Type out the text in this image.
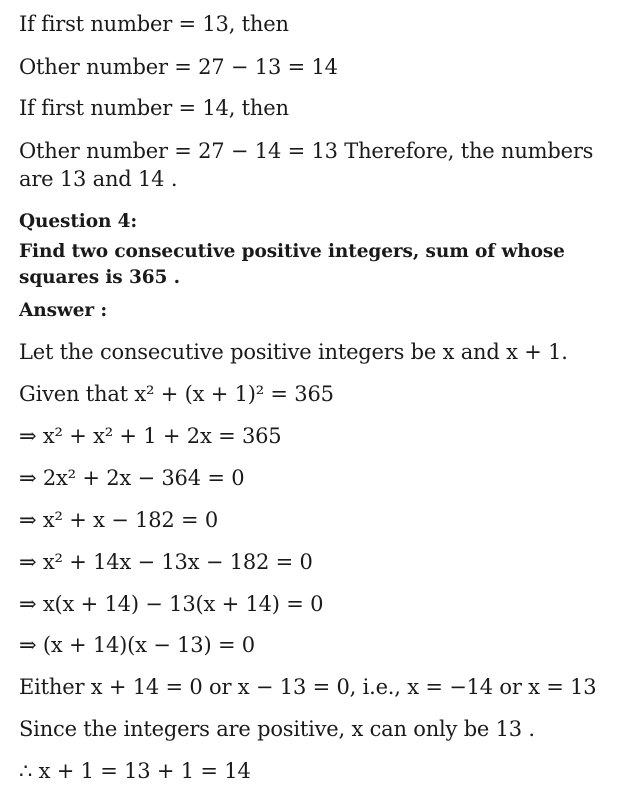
If first number = 13, then
Other number = 27 − 13 = 14
If first number = 14, then
Other number = 27 − 14 = 13 Therefore, the numbers
are 13 and 14 .
Question 4:
Find two consecutive positive integers, sum of whose
squares is 365 .
Answer :
Let the consecutive positive integers be x and x + 1.
Given that x² + (x + 1)² = 365
⇒ x² + x² + 1 + 2x = 365
⇒ 2x² + 2x − 364 = 0
⇒ x² + x − 182 = 0
⇒ x² + 14x − 13x − 182 = 0
⇒ x(x + 14) − 13(x + 14) = 0
⇒ (x + 14)(x − 13) = 0
Either x + 14 = 0 or x − 13 = 0, i.e., x = −14 or x = 13
Since the integers are positive, x can only be 13 .
∴ x + 1 = 13 + 1 = 14
